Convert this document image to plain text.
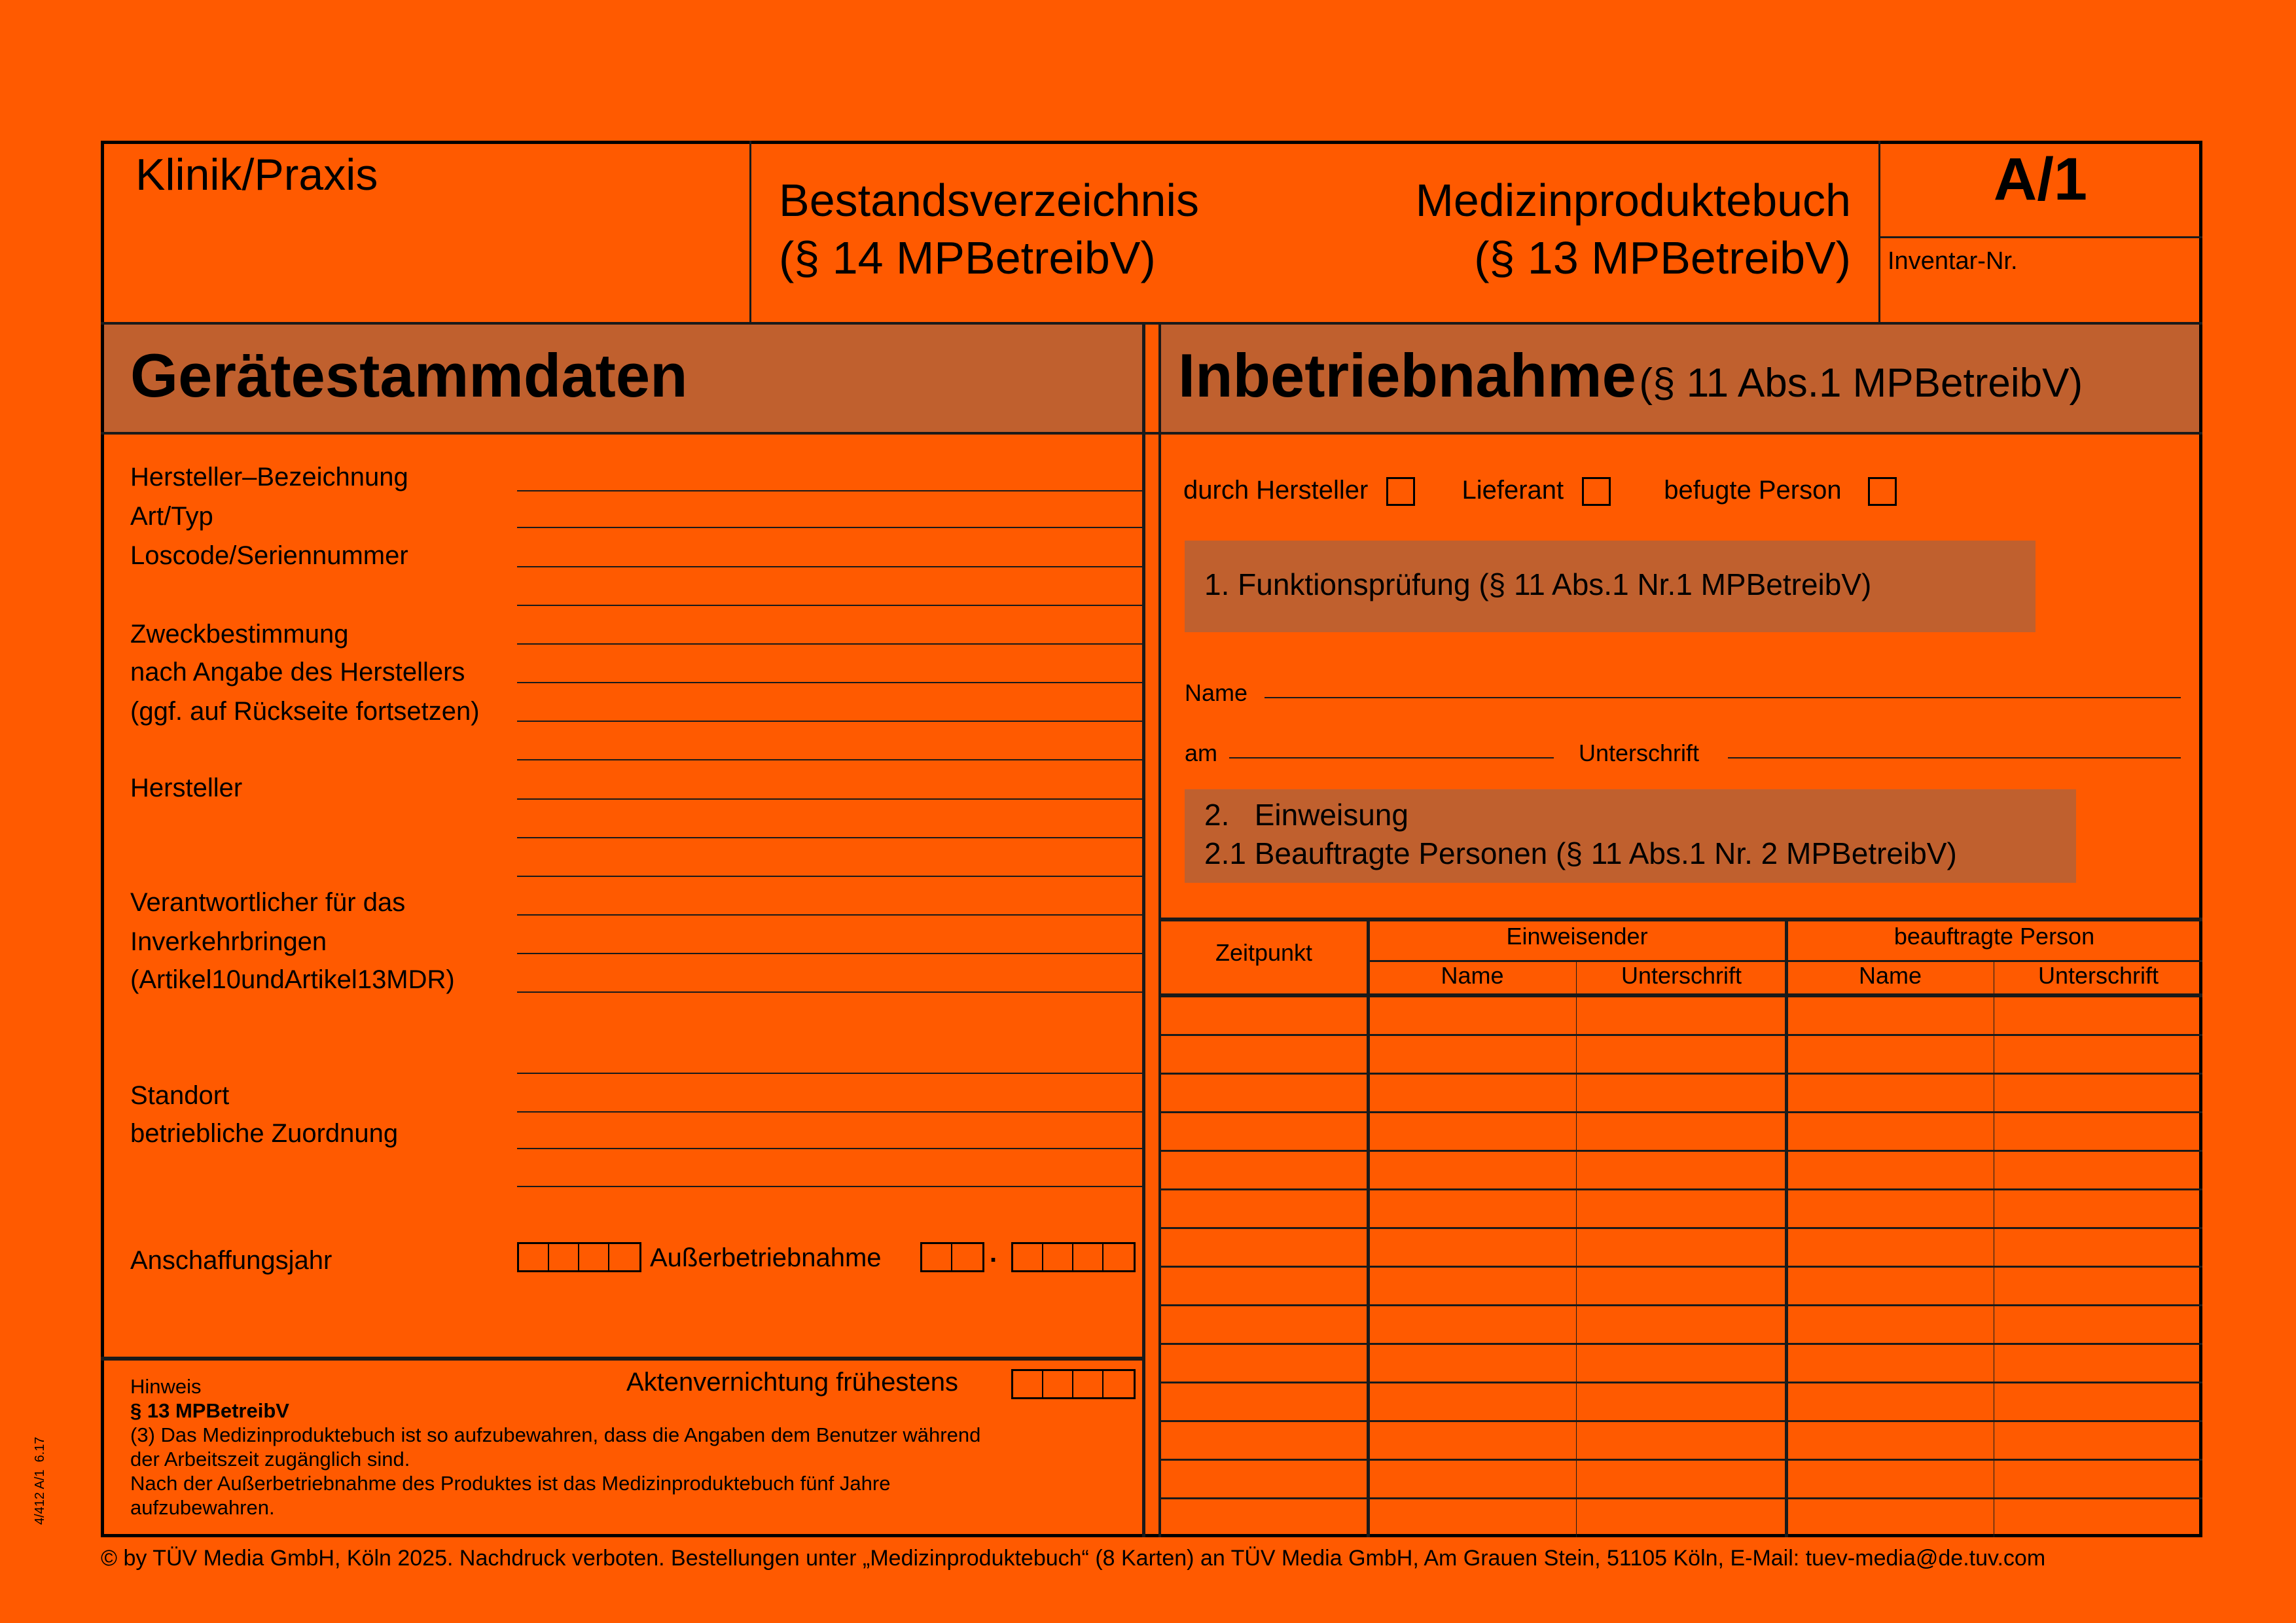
Klinik/Praxis	Bestandsverzeichnis
(§ 14 MPBetreibV)
Medizinproduktebuch
(§ 13 MPBetreibV)
A/1
Inventar-Nr.
Gerätestammdaten	Inbetriebnahme (§ 11 Abs.1 MPBetreibV)
Hersteller–Bezeichnung
Art/Typ
Loscode/Seriennummer
Zweckbestimmung
nach Angabe des Herstellers
(ggf. auf Rückseite fortsetzen)
Hersteller
Verantwortlicher für das
Inverkehrbringen
(Artikel10undArtikel13MDR)
Standort
betriebliche Zuordnung
Anschaffungsjahr	Außerbetriebnahme	.
Hinweis
§ 13 MPBetreibV
(3) Das Medizinproduktebuch ist so aufzubewahren, dass die Angaben dem Benutzer während
der Arbeitszeit zugänglich sind.
Nach der Außerbetriebnahme des Produktes ist das Medizinproduktebuch fünf Jahre
aufzubewahren.
Aktenvernichtung frühestens
durch Hersteller	Lieferant	befugte Person
1. Funktionsprüfung (§ 11 Abs.1 Nr.1 MPBetreibV)
Name
am	Unterschrift
2.   Einweisung
2.1 Beauftragte Personen (§ 11 Abs.1 Nr. 2 MPBetreibV)
Zeitpunkt
Einweisender	beauftragte Person
Name	Unterschrift	Name	Unterschrift
© by TÜV Media GmbH, Köln 2025. Nachdruck verboten. Bestellungen unter „Medizinproduktebuch“ (8 Karten) an TÜV Media GmbH, Am Grauen Stein, 51105 Köln, E-Mail: tuev-media@de.tuv.com
4/412 A/1  6.17
